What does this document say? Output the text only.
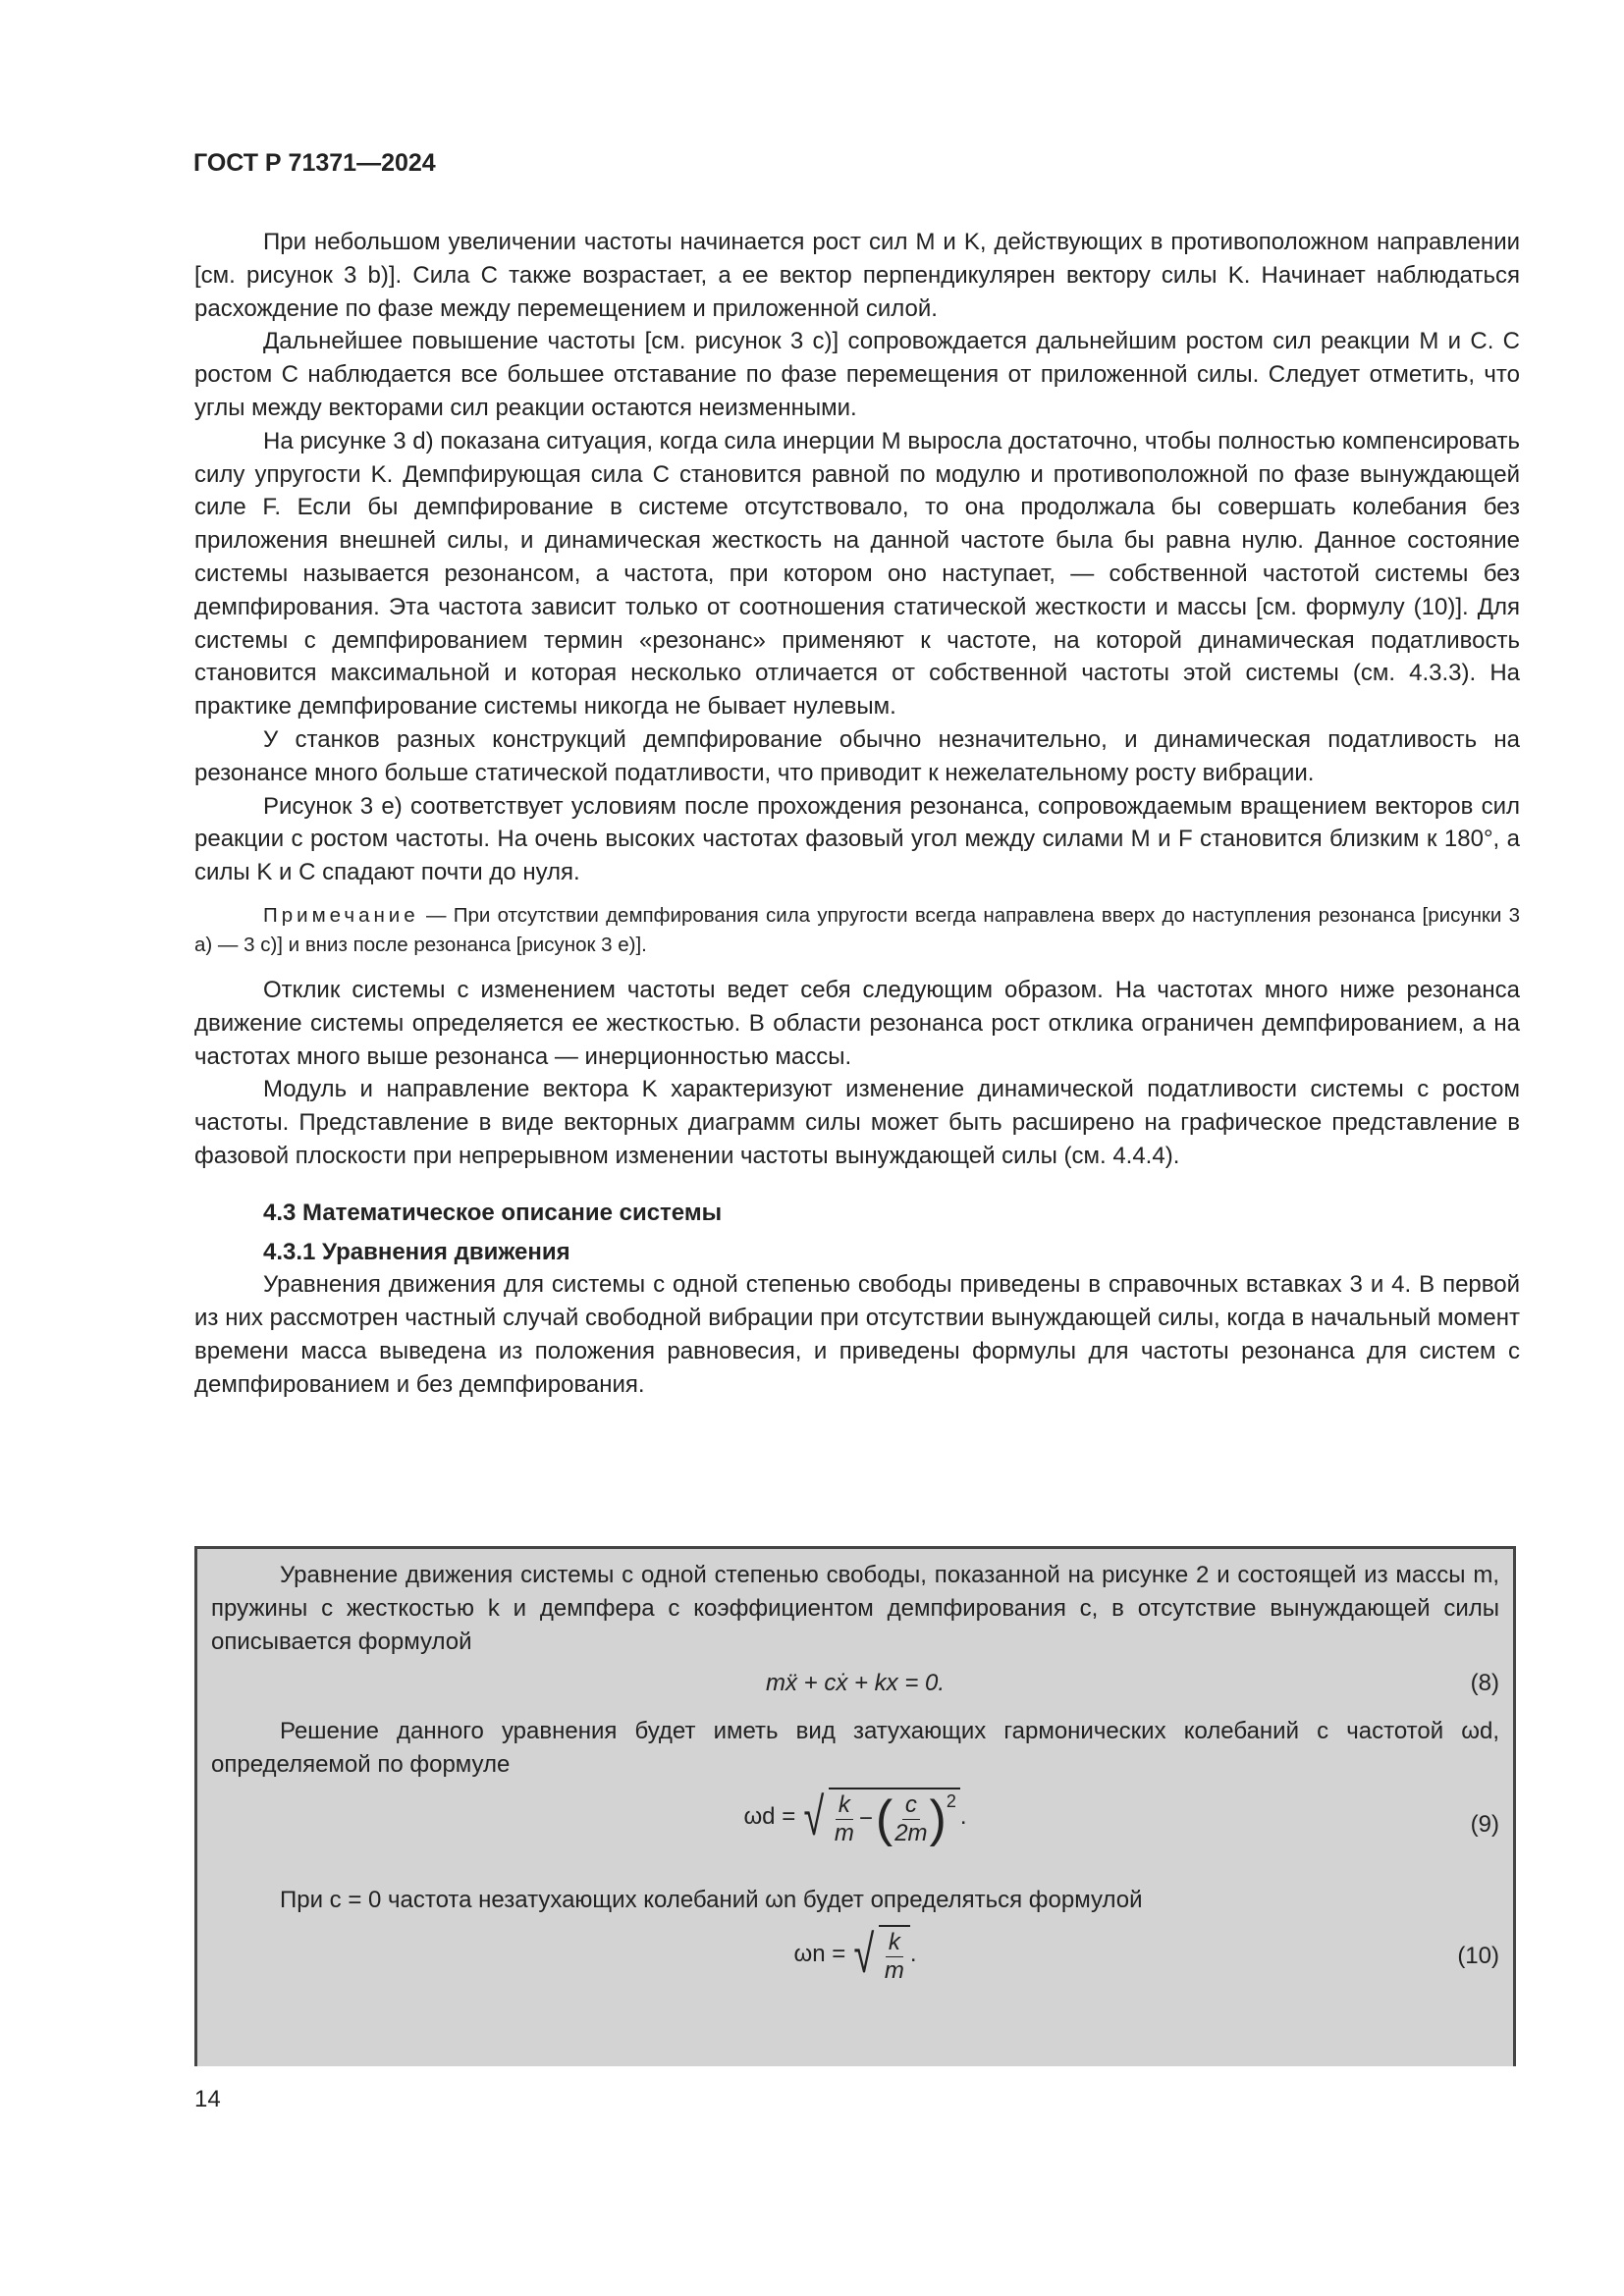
ГОСТ Р 71371—2024

При небольшом увеличении частоты начинается рост сил M и K, действующих в противоположном направлении [см. рисунок 3 b)]. Сила C также возрастает, а ее вектор перпендикулярен вектору силы K. Начинает наблюдаться расхождение по фазе между перемещением и приложенной силой.

Дальнейшее повышение частоты [см. рисунок 3 c)] сопровождается дальнейшим ростом сил реакции M и C. С ростом C наблюдается все большее отставание по фазе перемещения от приложенной силы. Следует отметить, что углы между векторами сил реакции остаются неизменными.

На рисунке 3 d) показана ситуация, когда сила инерции M выросла достаточно, чтобы полностью компенсировать силу упругости K. Демпфирующая сила C становится равной по модулю и противоположной по фазе вынуждающей силе F. Если бы демпфирование в системе отсутствовало, то она продолжала бы совершать колебания без приложения внешней силы, и динамическая жесткость на данной частоте была бы равна нулю. Данное состояние системы называется резонансом, а частота, при котором оно наступает, — собственной частотой системы без демпфирования. Эта частота зависит только от соотношения статической жесткости и массы [см. формулу (10)]. Для системы с демпфированием термин «резонанс» применяют к частоте, на которой динамическая податливость становится максимальной и которая несколько отличается от собственной частоты этой системы (см. 4.3.3). На практике демпфирование системы никогда не бывает нулевым.

У станков разных конструкций демпфирование обычно незначительно, и динамическая податливость на резонансе много больше статической податливости, что приводит к нежелательному росту вибрации.

Рисунок 3 e) соответствует условиям после прохождения резонанса, сопровождаемым вращением векторов сил реакции с ростом частоты. На очень высоких частотах фазовый угол между силами M и F становится близким к 180°, а силы K и C спадают почти до нуля.

Примечание — При отсутствии демпфирования сила упругости всегда направлена вверх до наступления резонанса [рисунки 3 a) — 3 c)] и вниз после резонанса [рисунок 3 e)].

Отклик системы с изменением частоты ведет себя следующим образом. На частотах много ниже резонанса движение системы определяется ее жесткостью. В области резонанса рост отклика ограничен демпфированием, а на частотах много выше резонанса — инерционностью массы.

Модуль и направление вектора K характеризуют изменение динамической податливости системы с ростом частоты. Представление в виде векторных диаграмм силы может быть расширено на графическое представление в фазовой плоскости при непрерывном изменении частоты вынуждающей силы (см. 4.4.4).

4.3 Математическое описание системы
4.3.1 Уравнения движения

Уравнения движения для системы с одной степенью свободы приведены в справочных вставках 3 и 4. В первой из них рассмотрен частный случай свободной вибрации при отсутствии вынуждающей силы, когда в начальный момент времени масса выведена из положения равновесия, и приведены формулы для частоты резонанса для систем с демпфированием и без демпфирования.

Уравнение движения системы с одной степенью свободы, показанной на рисунке 2 и состоящей из массы m, пружины с жесткостью k и демпфера с коэффициентом демпфирования c, в отсутствие вынуждающей силы описывается формулой

mẍ + cẋ + kx = 0.	(8)

Решение данного уравнения будет иметь вид затухающих гармонических колебаний с частотой ωd, определяемой по формуле

ωd = √ $\frac{k}{m}$ − ( $\frac{c}{2m} )^2$
.	(9)

При c = 0 частота незатухающих колебаний ωn будет определяться формулой

ωn = √ $\frac{k}{m}$ .	(10)
14
